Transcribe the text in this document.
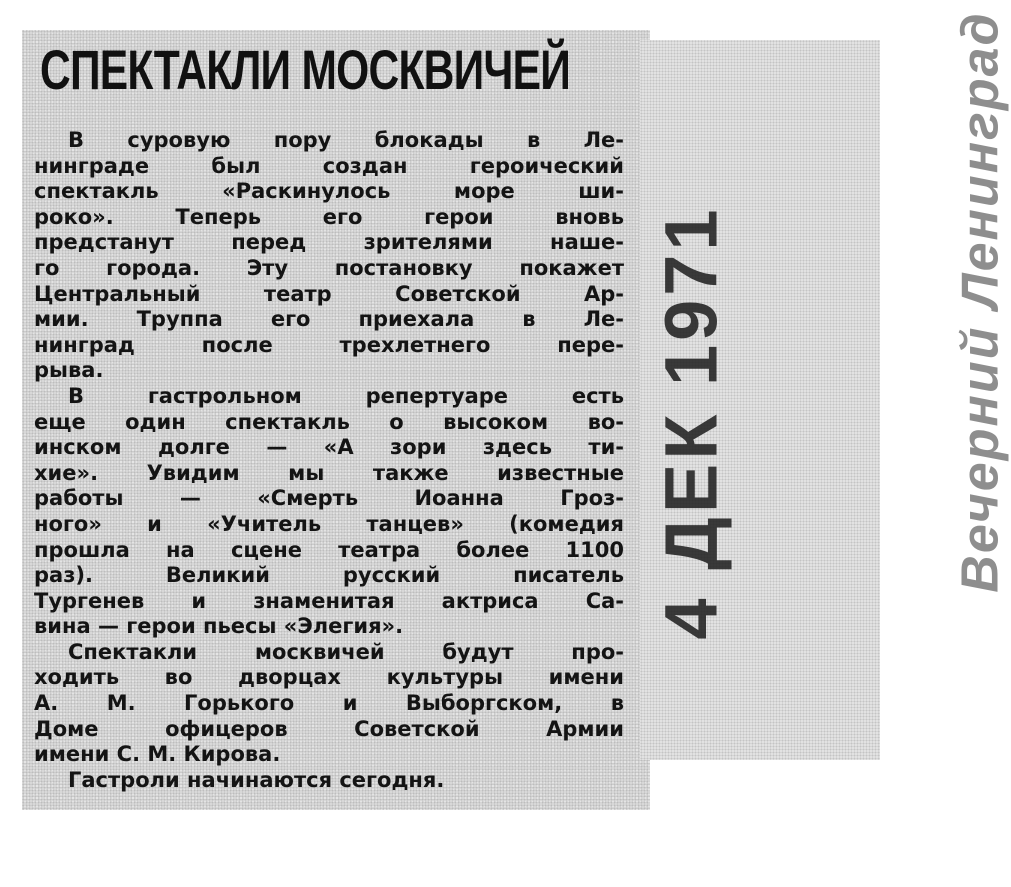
СПЕКТАКЛИ МОСКВИЧЕЙ
В суровую пору блокады в Ле-
нинграде был создан героический
спектакль «Раскинулось море ши-
роко». Теперь его герои вновь
предстанут перед зрителями наше-
го города. Эту постановку покажет
Центральный театр Советской Ар-
мии. Труппа его приехала в Ле-
нинград после трехлетнего пере-
рыва.
В гастрольном репертуаре есть
еще один спектакль о высоком во-
инском долге — «А зори здесь ти-
хие». Увидим мы также известные
работы — «Смерть Иоанна Гроз-
ного» и «Учитель танцев» (комедия
прошла на сцене театра более 1100
раз). Великий русский писатель
Тургенев и знаменитая актриса Са-
вина — герои пьесы «Элегия».
Спектакли москвичей будут про-
ходить во дворцах культуры имени
А. М. Горького и Выборгском, в
Доме офицеров Советской Армии
имени С. М. Кирова.
Гастроли начинаются сегодня.
4 ДЕК 1971	Вечерний Ленинград
